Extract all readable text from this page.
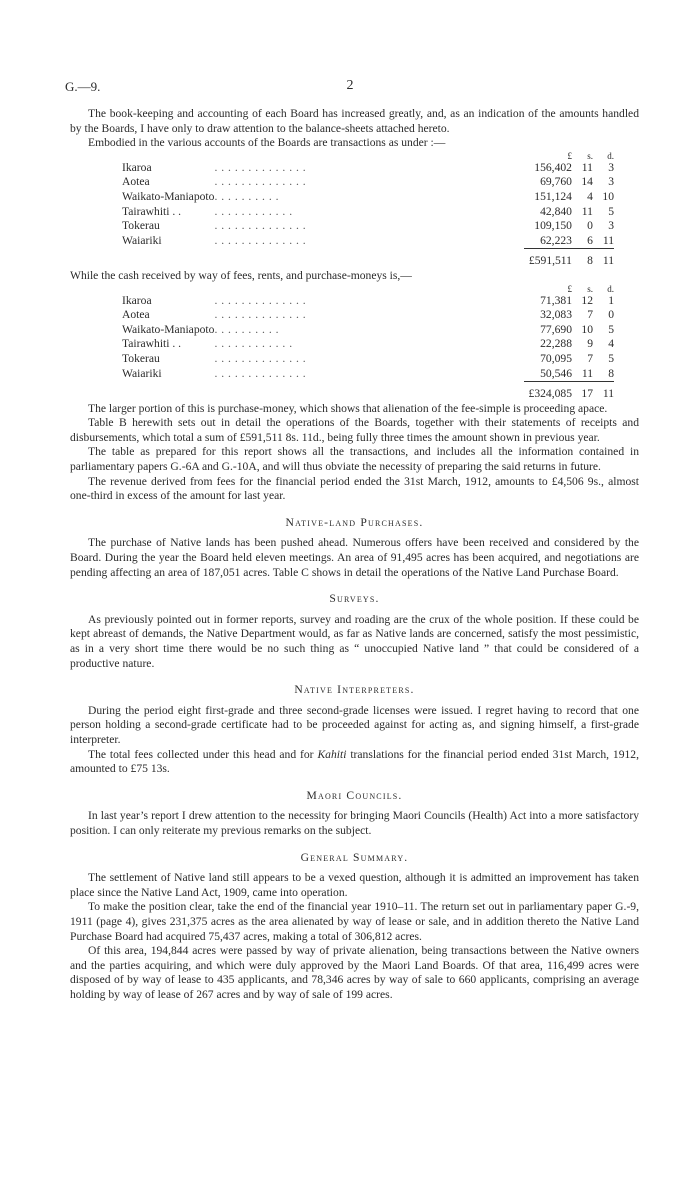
G.—9.	2

The book-keeping and accounting of each Board has increased greatly, and, as an indication of the amounts handled by the Boards, I have only to draw attention to the balance-sheets attached hereto.

Embodied in the various accounts of the Boards are transactions as under :—

		£	s.	d.
Ikaroa	. . . . . . . . . . . . . .	156,402	11	3
Aotea	. . . . . . . . . . . . . .	69,760	14	3
Waikato-Maniapoto	. . . . . . . . . .	151,124	4	10
Tairawhiti . .	. . . . . . . . . . . .	42,840	11	5
Tokerau	. . . . . . . . . . . . . .	109,150	0	3
Waiariki	. . . . . . . . . . . . . .	62,223	6	11
		£591,511	8	11

While the cash received by way of fees, rents, and purchase-moneys is,—

		£	s.	d.
Ikaroa	. . . . . . . . . . . . . .	71,381	12	1
Aotea	. . . . . . . . . . . . . .	32,083	7	0
Waikato-Maniapoto	. . . . . . . . . .	77,690	10	5
Tairawhiti . .	. . . . . . . . . . . .	22,288	9	4
Tokerau	. . . . . . . . . . . . . .	70,095	7	5
Waiariki	. . . . . . . . . . . . . .	50,546	11	8
		£324,085	17	11

The larger portion of this is purchase-money, which shows that alienation of the fee-simple is proceeding apace.

Table B herewith sets out in detail the operations of the Boards, together with their statements of receipts and disbursements, which total a sum of £591,511 8s. 11d., being fully three times the amount shown in previous year.

The table as prepared for this report shows all the transactions, and includes all the information contained in parliamentary papers G.-6A and G.-10A, and will thus obviate the necessity of preparing the said returns in future.

The revenue derived from fees for the financial period ended the 31st March, 1912, amounts to £4,506 9s., almost one-third in excess of the amount for last year.

Native-land Purchases.

The purchase of Native lands has been pushed ahead. Numerous offers have been received and considered by the Board. During the year the Board held eleven meetings. An area of 91,495 acres has been acquired, and negotiations are pending affecting an area of 187,051 acres. Table C shows in detail the operations of the Native Land Purchase Board.

Surveys.

As previously pointed out in former reports, survey and roading are the crux of the whole position. If these could be kept abreast of demands, the Native Department would, as far as Native lands are concerned, satisfy the most pessimistic, as in a very short time there would be no such thing as “ unoccupied Native land ” that could be considered of a productive nature.

Native Interpreters.

During the period eight first-grade and three second-grade licenses were issued. I regret having to record that one person holding a second-grade certificate had to be proceeded against for acting as, and signing himself, a first-grade interpreter.

The total fees collected under this head and for Kahiti translations for the financial period ended 31st March, 1912, amounted to £75 13s.

Maori Councils.

In last year’s report I drew attention to the necessity for bringing Maori Councils (Health) Act into a more satisfactory position. I can only reiterate my previous remarks on the subject.

General Summary.

The settlement of Native land still appears to be a vexed question, although it is admitted an improvement has taken place since the Native Land Act, 1909, came into operation.

To make the position clear, take the end of the financial year 1910–11. The return set out in parliamentary paper G.-9, 1911 (page 4), gives 231,375 acres as the area alienated by way of lease or sale, and in addition thereto the Native Land Purchase Board had acquired 75,437 acres, making a total of 306,812 acres.

Of this area, 194,844 acres were passed by way of private alienation, being transactions between the Native owners and the parties acquiring, and which were duly approved by the Maori Land Boards. Of that area, 116,499 acres were disposed of by way of lease to 435 applicants, and 78,346 acres by way of sale to 660 applicants, comprising an average holding by way of lease of 267 acres and by way of sale of 199 acres.
